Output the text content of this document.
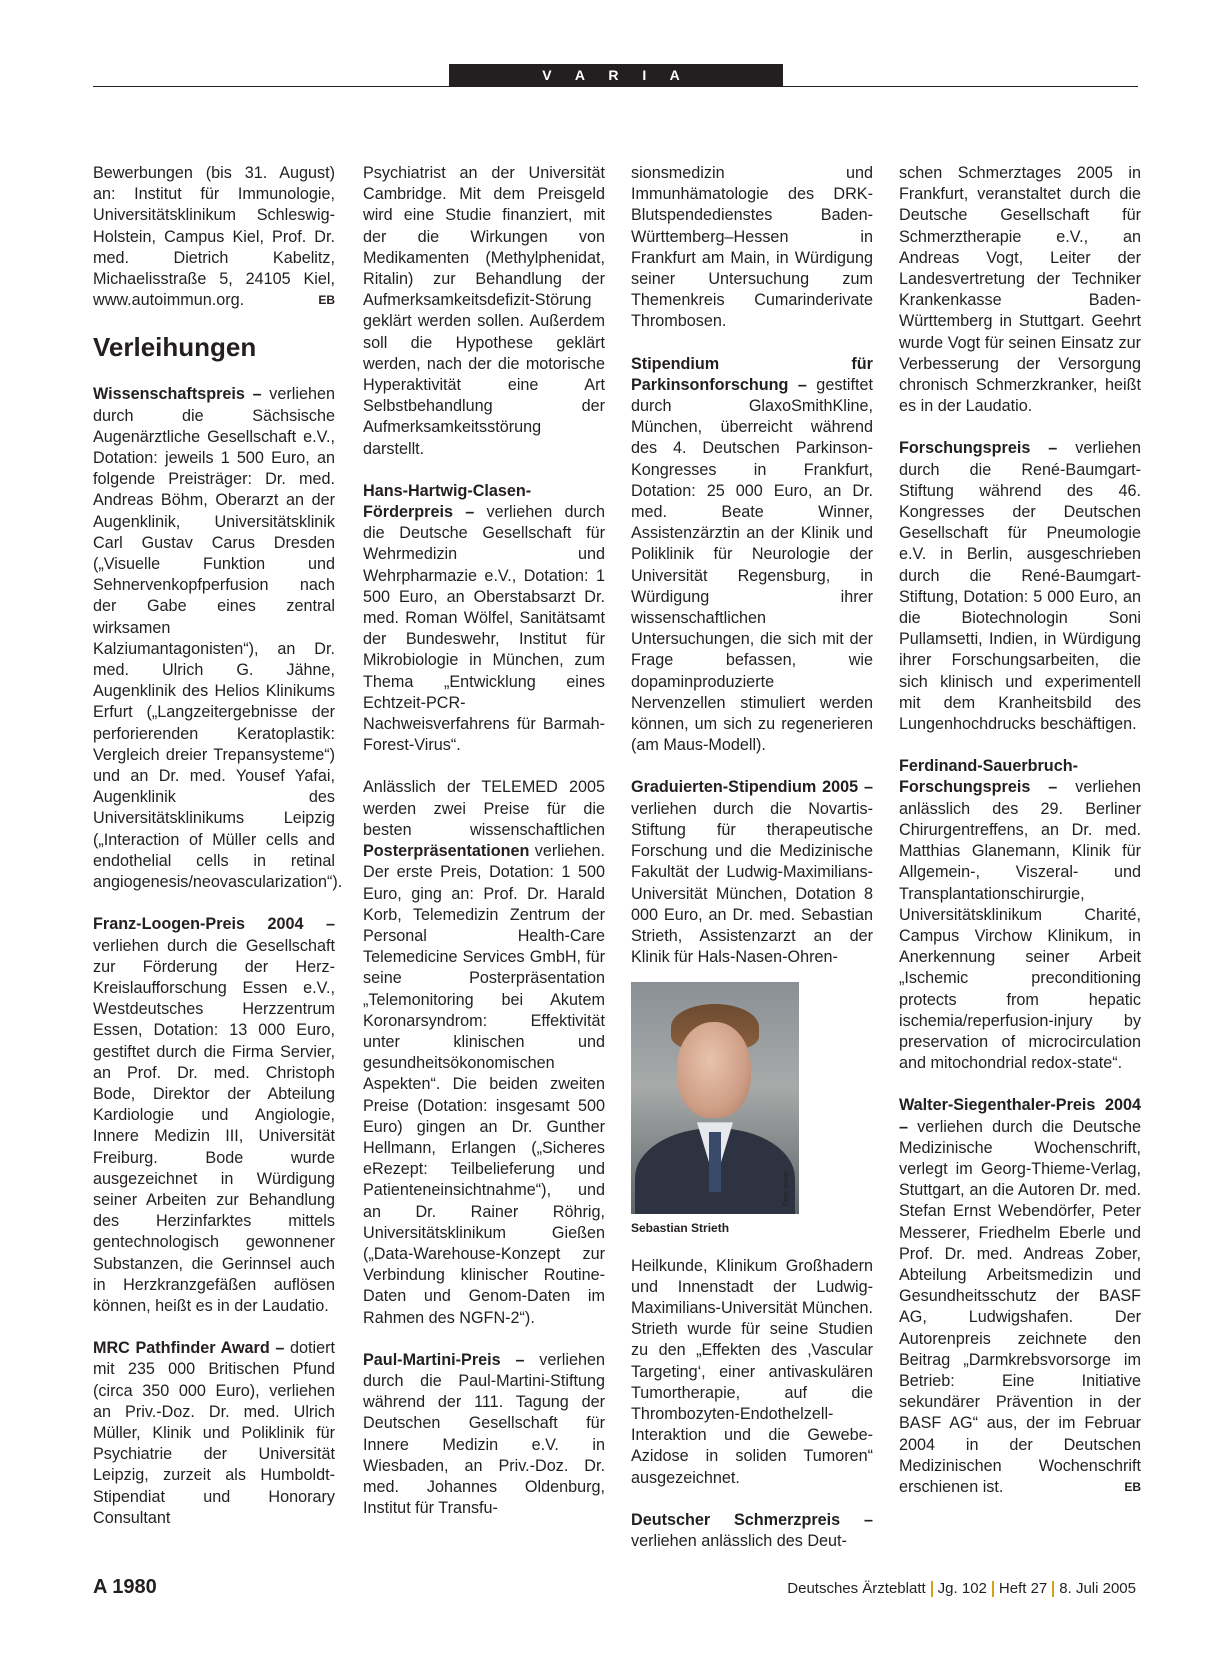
V A R I A

Bewerbungen (bis 31. August) an: Institut für Immunologie, Universitätsklinikum Schleswig-Holstein, Campus Kiel, Prof. Dr. med. Dietrich Kabelitz, Michaelisstraße 5, 24105 Kiel, www.autoimmun.org.	EB

Verleihungen

Wissenschaftspreis – verliehen durch die Sächsische Augenärztliche Gesellschaft e.V., Dotation: jeweils 1 500 Euro, an folgende Preisträger: Dr. med. Andreas Böhm, Oberarzt an der Augenklinik, Universitätsklinik Carl Gustav Carus Dresden („Visuelle Funktion und Sehnervenkopfperfusion nach der Gabe eines zentral wirksamen Kalziumantagonisten“), an Dr. med. Ulrich G. Jähne, Augenklinik des Helios Klinikums Erfurt („Langzeitergebnisse der perforierenden Keratoplastik: Vergleich dreier Trepansysteme“) und an Dr. med. Yousef Yafai, Augenklinik des Universitätsklinikums Leipzig („Interaction of Müller cells and endothelial cells in retinal angiogenesis/neovascularization“).

Franz-Loogen-Preis 2004 – verliehen durch die Gesellschaft zur Förderung der Herz-Kreislaufforschung Essen e.V., Westdeutsches Herzzentrum Essen, Dotation: 13 000 Euro, gestiftet durch die Firma Servier, an Prof. Dr. med. Christoph Bode, Direktor der Abteilung Kardiologie und Angiologie, Innere Medizin III, Universität Freiburg. Bode wurde ausgezeichnet in Würdigung seiner Arbeiten zur Behandlung des Herzinfarktes mittels gentechnologisch gewonnener Substanzen, die Gerinnsel auch in Herzkranzgefäßen auflösen können, heißt es in der Laudatio.

MRC Pathfinder Award – dotiert mit 235 000 Britischen Pfund (circa 350 000 Euro), verliehen an Priv.-Doz. Dr. med. Ulrich Müller, Klinik und Poliklinik für Psychiatrie der Universität Leipzig, zurzeit als Humboldt-Stipendiat und Honorary Consultant

Psychiatrist an der Universität Cambridge. Mit dem Preisgeld wird eine Studie finanziert, mit der die Wirkungen von Medikamenten (Methylphenidat, Ritalin) zur Behandlung der Aufmerksamkeitsdefizit-Störung geklärt werden sollen. Außerdem soll die Hypothese geklärt werden, nach der die motorische Hyperaktivität eine Art Selbstbehandlung der Aufmerksamkeitsstörung darstellt.

Hans-Hartwig-Clasen-Förderpreis – verliehen durch die Deutsche Gesellschaft für Wehrmedizin und Wehrpharmazie e.V., Dotation: 1 500 Euro, an Oberstabsarzt Dr. med. Roman Wölfel, Sanitätsamt der Bundeswehr, Institut für Mikrobiologie in München, zum Thema „Entwicklung eines Echtzeit-PCR-Nachweisverfahrens für Barmah-Forest-Virus“.

Anlässlich der TELEMED 2005 werden zwei Preise für die besten wissenschaftlichen Posterpräsentationen verliehen. Der erste Preis, Dotation: 1 500 Euro, ging an: Prof. Dr. Harald Korb, Telemedizin Zentrum der Personal Health-Care Telemedicine Services GmbH, für seine Posterpräsentation „Telemonitoring bei Akutem Koronarsyndrom: Effektivität unter klinischen und gesundheitsökonomischen Aspekten“. Die beiden zweiten Preise (Dotation: insgesamt 500 Euro) gingen an Dr. Gunther Hellmann, Erlangen („Sicheres eRezept: Teilbelieferung und Patienteneinsichtnahme“), und an Dr. Rainer Röhrig, Universitätsklinikum Gießen („Data-Warehouse-Konzept zur Verbindung klinischer Routine-Daten und Genom-Daten im Rahmen des NGFN-2“).

Paul-Martini-Preis – verliehen durch die Paul-Martini-Stiftung während der 111. Tagung der Deutschen Gesellschaft für Innere Medizin e.V. in Wiesbaden, an Priv.-Doz. Dr. med. Johannes Oldenburg, Institut für Transfu-

sionsmedizin und Immunhämatologie des DRK-Blutspendedienstes Baden-Württemberg–Hessen in Frankfurt am Main, in Würdigung seiner Untersuchung zum Themenkreis Cumarinderivate Thrombosen.

Stipendium für Parkinsonforschung – gestiftet durch GlaxoSmithKline, München, überreicht während des 4. Deutschen Parkinson-Kongresses in Frankfurt, Dotation: 25 000 Euro, an Dr. med. Beate Winner, Assistenzärztin an der Klinik und Poliklinik für Neurologie der Universität Regensburg, in Würdigung ihrer wissenschaftlichen Untersuchungen, die sich mit der Frage befassen, wie dopaminproduzierte Nervenzellen stimuliert werden können, um sich zu regenerieren (am Maus-Modell).

Graduierten-Stipendium 2005 – verliehen durch die Novartis-Stiftung für therapeutische Forschung und die Medizinische Fakultät der Ludwig-Maximilians-Universität München, Dotation 8 000 Euro, an Dr. med. Sebastian Strieth, Assistenzarzt an der Klinik für Hals-Nasen-Ohren-

Foto: privat
Sebastian Strieth

Heilkunde, Klinikum Großhadern und Innenstadt der Ludwig-Maximilians-Universität München. Strieth wurde für seine Studien zu den „Effekten des ‚Vascular Targeting‘, einer antivaskulären Tumortherapie, auf die Thrombozyten-Endothelzell-Interaktion und die Gewebe-Azidose in soliden Tumoren“ ausgezeichnet.

Deutscher Schmerzpreis – verliehen anlässlich des Deut-

schen Schmerztages 2005 in Frankfurt, veranstaltet durch die Deutsche Gesellschaft für Schmerztherapie e.V., an Andreas Vogt, Leiter der Landesvertretung der Techniker Krankenkasse Baden-Württemberg in Stuttgart. Geehrt wurde Vogt für seinen Einsatz zur Verbesserung der Versorgung chronisch Schmerzkranker, heißt es in der Laudatio.

Forschungspreis – verliehen durch die René-Baumgart-Stiftung während des 46. Kongresses der Deutschen Gesellschaft für Pneumologie e.V. in Berlin, ausgeschrieben durch die René-Baumgart-Stiftung, Dotation: 5 000 Euro, an die Biotechnologin Soni Pullamsetti, Indien, in Würdigung ihrer Forschungsarbeiten, die sich klinisch und experimentell mit dem Kranheitsbild des Lungenhochdrucks beschäftigen.

Ferdinand-Sauerbruch-Forschungspreis – verliehen anlässlich des 29. Berliner Chirurgentreffens, an Dr. med. Matthias Glanemann, Klinik für Allgemein-, Viszeral- und Transplantationschirurgie, Universitätsklinikum Charité, Campus Virchow Klinikum, in Anerkennung seiner Arbeit „Ischemic preconditioning protects from hepatic ischemia/reperfusion-injury by preservation of microcirculation and mitochondrial redox-state“.

Walter-Siegenthaler-Preis 2004 – verliehen durch die Deutsche Medizinische Wochenschrift, verlegt im Georg-Thieme-Verlag, Stuttgart, an die Autoren Dr. med. Stefan Ernst Webendörfer, Peter Messerer, Friedhelm Eberle und Prof. Dr. med. Andreas Zober, Abteilung Arbeitsmedizin und Gesundheitsschutz der BASF AG, Ludwigshafen. Der Autorenpreis zeichnete den Beitrag „Darmkrebsvorsorge im Betrieb: Eine Initiative sekundärer Prävention in der BASF AG“ aus, der im Februar 2004 in der Deutschen Medizinischen Wochenschrift erschienen ist.	EB

A 1980	Deutsches Ärzteblatt Jg. 102 Heft 27 8. Juli 2005
